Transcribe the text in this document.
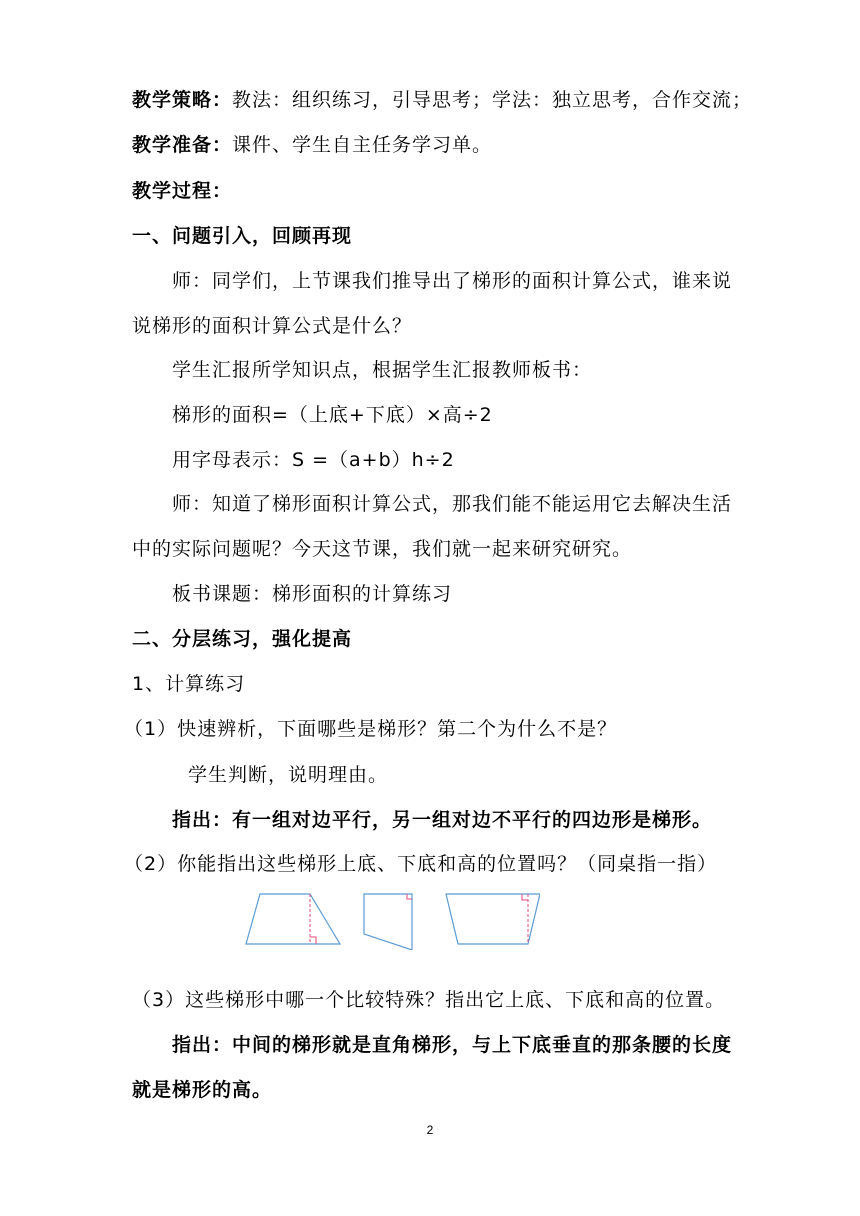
教学策略：教法：组织练习，引导思考；学法：独立思考，合作交流；
教学准备：课件、学生自主任务学习单。
教学过程：
一、问题引入，回顾再现
师：同学们，上节课我们推导出了梯形的面积计算公式，谁来说
说梯形的面积计算公式是什么？
学生汇报所学知识点，根据学生汇报教师板书：
梯形的面积=（上底+下底）×高÷2
用字母表示：S =（a+b）h÷2
师：知道了梯形面积计算公式，那我们能不能运用它去解决生活
中的实际问题呢？今天这节课，我们就一起来研究研究。
板书课题：梯形面积的计算练习
二、分层练习，强化提高
1、计算练习
（1）快速辨析，下面哪些是梯形？第二个为什么不是？
学生判断，说明理由。
指出：有一组对边平行，另一组对边不平行的四边形是梯形。
（2）你能指出这些梯形上底、下底和高的位置吗？（同桌指一指）
（3）这些梯形中哪一个比较特殊？指出它上底、下底和高的位置。
指出：中间的梯形就是直角梯形，与上下底垂直的那条腰的长度
就是梯形的高。
2
